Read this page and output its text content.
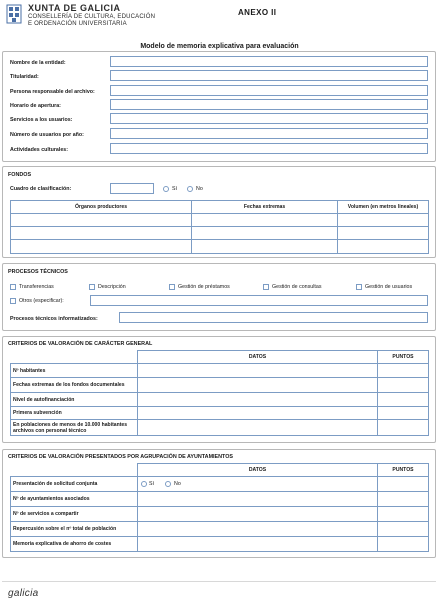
XUNTA DE GALICIA
CONSELLERÍA DE CULTURA, EDUCACIÓN
E ORDENACIÓN UNIVERSITARIA
ANEXO II
Modelo de memoria explicativa para evaluación
Nombre de la entidad:
Titularidad:
Persona responsable del archivo:
Horario de apertura:
Servicios a los usuarios:
Número de usuarios por año:
Actividades culturales:
FONDOS
Cuadro de clasificación:	Sí	No
Órganos productores	Fechas extremas	Volumen (en metros lineales)

PROCESOS TÉCNICOS
Transferencias	Descripción	Gestión de préstamos	Gestión de consultas	Gestión de usuarios
Otros (especificar):
Procesos técnicos informatizados:
CRITERIOS DE VALORACIÓN DE CARÁCTER GENERAL
	DATOS	PUNTOS
Nº habitantes		
Fechas extremas de los fondos documentales		
Nivel de autofinanciación		
Primera subvención		
En poblaciones de menos de 10.000 habitantes archivos con personal técnico		
CRITERIOS DE VALORACIÓN PRESENTADOS POR AGRUPACIÓN DE AYUNTAMIENTOS
	DATOS	PUNTOS
Presentación de solicitud conjunta	Sí No	

Nº de ayuntamientos asociados		
Nº de servicios a compartir		
Repercusión sobre el nº total de población		
Memoria explicativa de ahorro de costes		
galicia
